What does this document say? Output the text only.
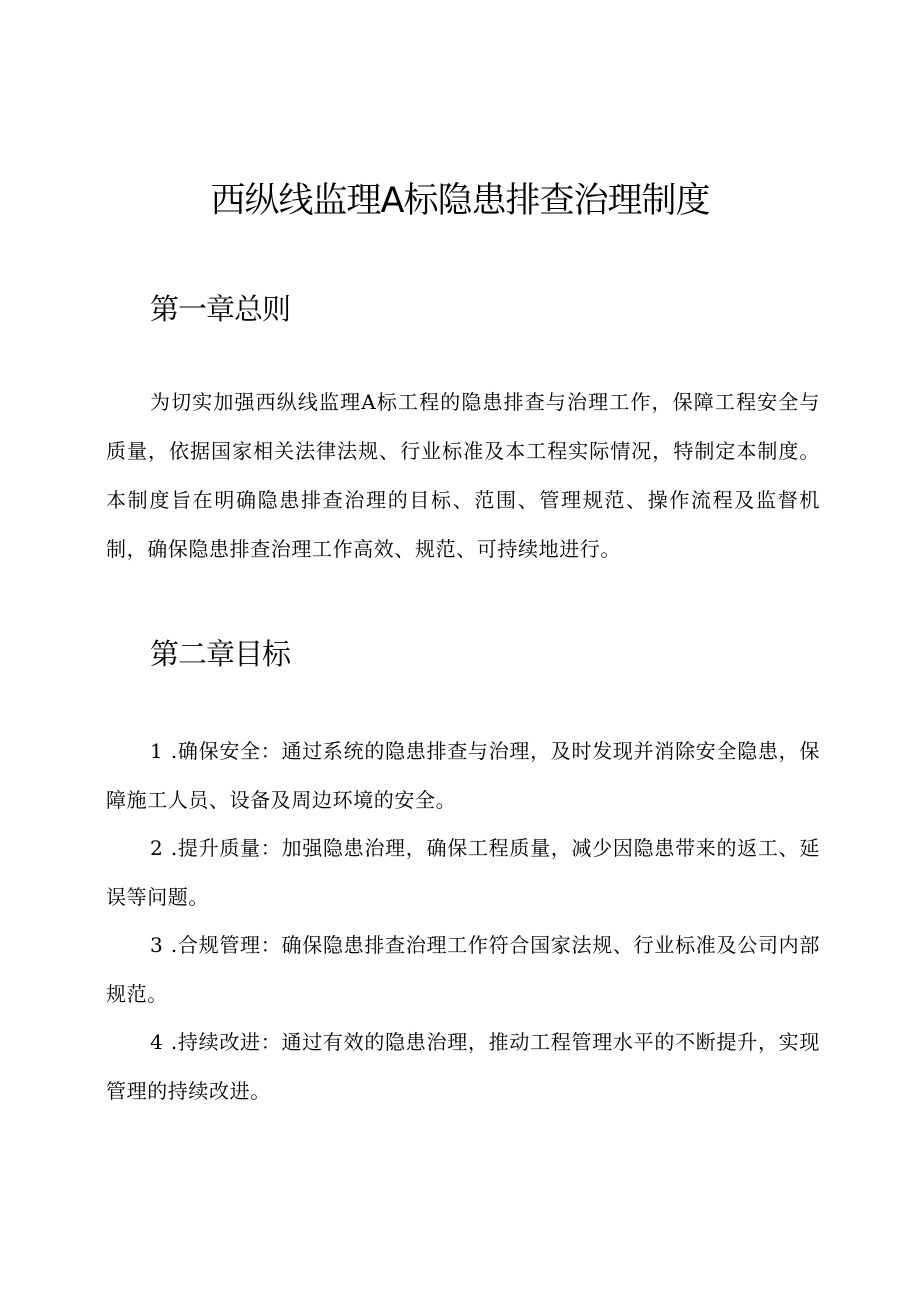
西纵线监理A标隐患排查治理制度
第一章总则

为切实加强西纵线监理A标工程的隐患排查与治理工作，保障工程安全与质量，依据国家相关法律法规、行业标准及本工程实际情况，特制定本制度。本制度旨在明确隐患排查治理的目标、范围、管理规范、操作流程及监督机制，确保隐患排查治理工作高效、规范、可持续地进行。

第二章目标

1 .确保安全：通过系统的隐患排查与治理，及时发现并消除安全隐患，保障施工人员、设备及周边环境的安全。

2 .提升质量：加强隐患治理，确保工程质量，减少因隐患带来的返工、延误等问题。

3 .合规管理：确保隐患排查治理工作符合国家法规、行业标准及公司内部规范。

4 .持续改进：通过有效的隐患治理，推动工程管理水平的不断提升，实现管理的持续改进。
